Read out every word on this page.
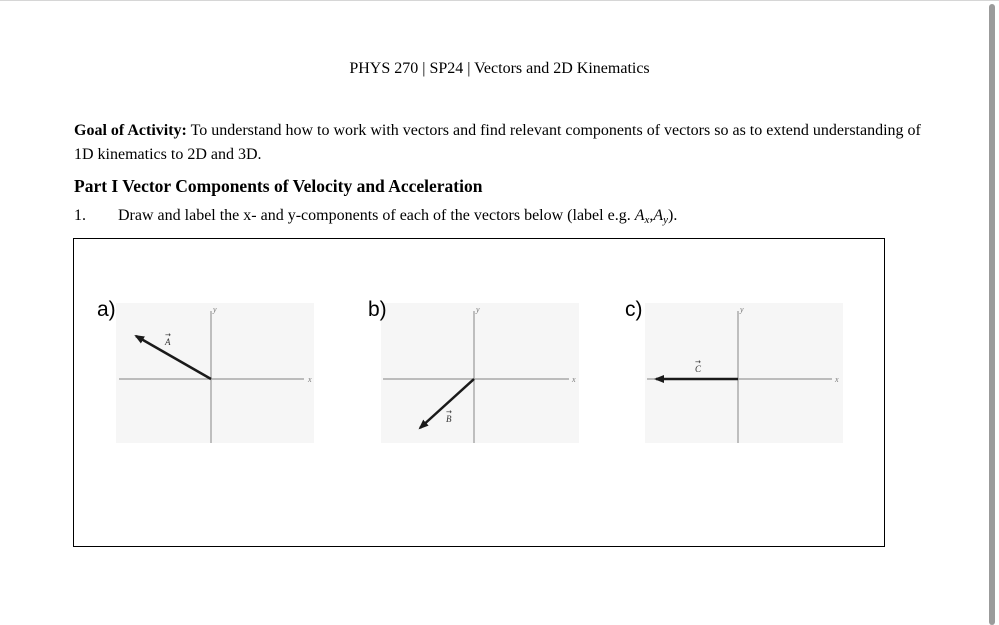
PHYS 270 | SP24 | Vectors and 2D Kinematics
Goal of Activity: To understand how to work with vectors and find relevant components of vectors so as to extend understanding of 1D kinematics to 2D and 3D.
Part I Vector Components of Velocity and Acceleration
1. Draw and label the x- and y-components of each of the vectors below (label e.g. $A_x,A_y$).
a)	b)	c)
y
x
A
→
y
x
B
→
y
x
C
→
